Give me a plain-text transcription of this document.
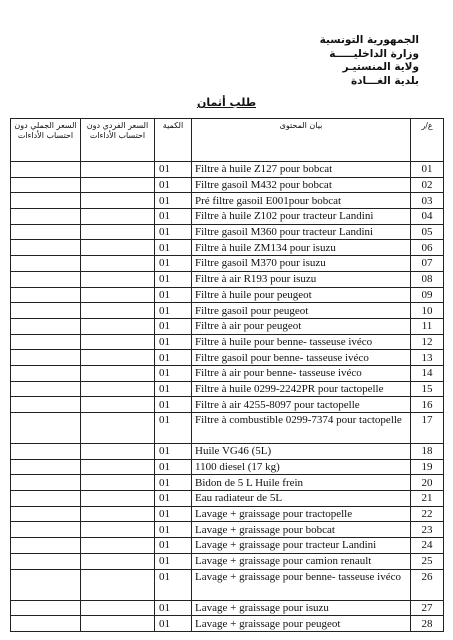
الجمهورية التونسية
وزارة الداخليـــــة
ولاية المنستيـر
بلدية الغـــادة
طلب أثمان
السعر الجملي دون احتساب الأداءات	السعر الفردي دون احتساب الأداءات	الكمية	بيان المحتوى	ع/ر
		01	Filtre à huile Z127 pour bobcat	01
		01	Filtre gasoil M432 pour bobcat	02
		01	Pré filtre gasoil E001pour bobcat	03
		01	Filtre à huile Z102 pour tracteur Landini	04
		01	Filtre gasoil M360 pour tracteur Landini	05
		01	Filtre à huile ZM134 pour isuzu	06
		01	Filtre gasoil M370 pour isuzu	07
		01	Filtre à air R193 pour isuzu	08
		01	Filtre à huile pour peugeot	09
		01	Filtre gasoil pour peugeot	10
		01	Filtre à air pour peugeot	11
		01	Filtre à huile pour benne- tasseuse ivéco	12
		01	Filtre gasoil pour benne- tasseuse ivéco	13
		01	Filtre à air pour benne- tasseuse ivéco	14
		01	Filtre à huile 0299-2242PR pour tactopelle	15
		01	Filtre à air 4255-8097 pour tactopelle	16
		01	Filtre à combustible 0299-7374 pour tactopelle	17
		01	Huile VG46 (5L)	18
		01	1100 diesel (17 kg)	19
		01	Bidon de 5 L Huile frein	20
		01	Eau radiateur de 5L	21
		01	Lavage + graissage pour tractopelle	22
		01	Lavage + graissage pour bobcat	23
		01	Lavage + graissage pour tracteur Landini	24
		01	Lavage + graissage pour camion renault	25
		01	Lavage + graissage pour benne- tasseuse ivéco	26
		01	Lavage + graissage pour isuzu	27
		01	Lavage + graissage pour peugeot	28
